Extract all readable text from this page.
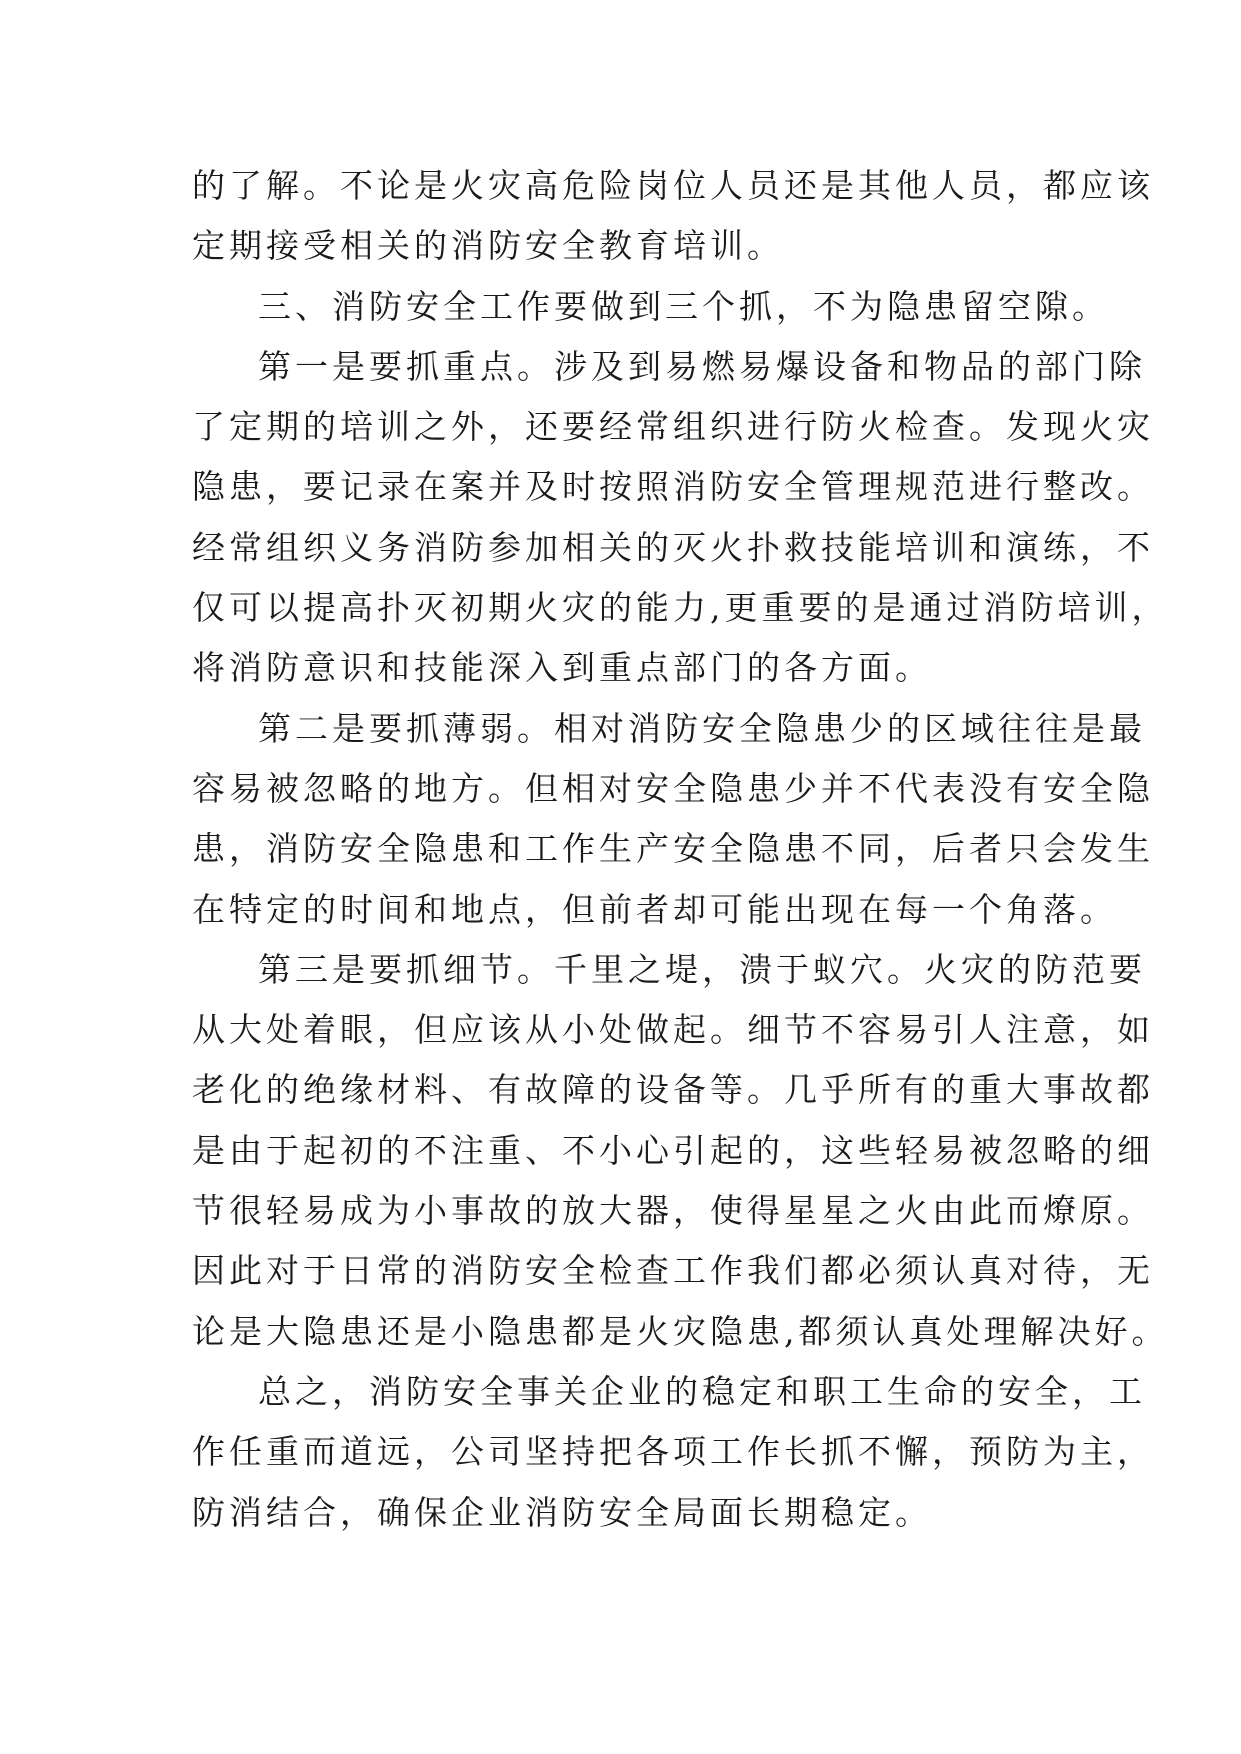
的了解。不论是火灾高危险岗位人员还是其他人员，都应该
定期接受相关的消防安全教育培训。
三、消防安全工作要做到三个抓，不为隐患留空隙。
第一是要抓重点。涉及到易燃易爆设备和物品的部门除
了定期的培训之外，还要经常组织进行防火检查。发现火灾
隐患，要记录在案并及时按照消防安全管理规范进行整改。
经常组织义务消防参加相关的灭火扑救技能培训和演练，不
仅可以提高扑灭初期火灾的能力,更重要的是通过消防培训，
将消防意识和技能深入到重点部门的各方面。
第二是要抓薄弱。相对消防安全隐患少的区域往往是最
容易被忽略的地方。但相对安全隐患少并不代表没有安全隐
患，消防安全隐患和工作生产安全隐患不同，后者只会发生
在特定的时间和地点，但前者却可能出现在每一个角落。
第三是要抓细节。千里之堤，溃于蚁穴。火灾的防范要
从大处着眼，但应该从小处做起。细节不容易引人注意，如
老化的绝缘材料、有故障的设备等。几乎所有的重大事故都
是由于起初的不注重、不小心引起的，这些轻易被忽略的细
节很轻易成为小事故的放大器，使得星星之火由此而燎原。
因此对于日常的消防安全检查工作我们都必须认真对待，无
论是大隐患还是小隐患都是火灾隐患,都须认真处理解决好。
总之，消防安全事关企业的稳定和职工生命的安全，工
作任重而道远，公司坚持把各项工作长抓不懈，预防为主，
防消结合，确保企业消防安全局面长期稳定。
